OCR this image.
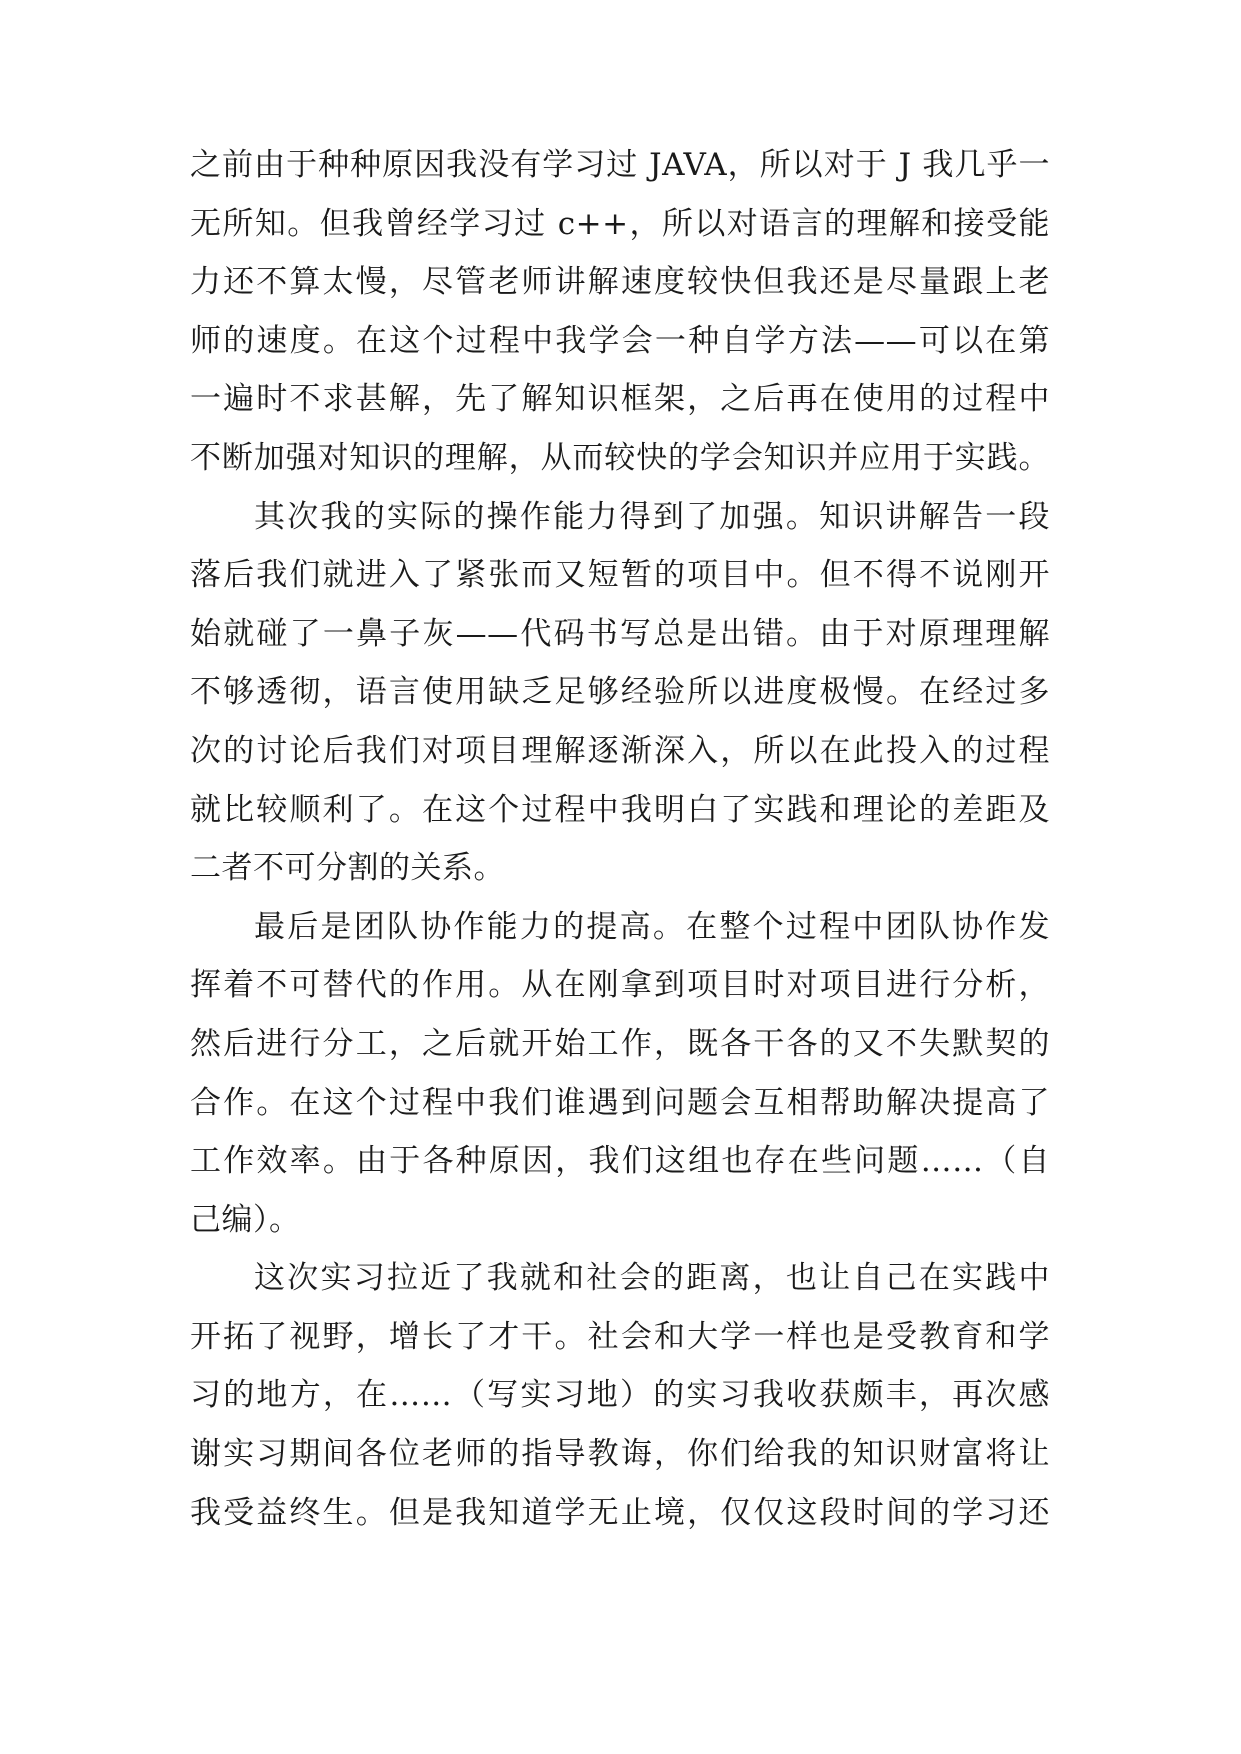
之前由于种种原因我没有学习过 JAVA，所以对于 J 我几乎一
无所知。但我曾经学习过 c++，所以对语言的理解和接受能
力还不算太慢，尽管老师讲解速度较快但我还是尽量跟上老
师的速度。在这个过程中我学会一种自学方法——可以在第
一遍时不求甚解，先了解知识框架，之后再在使用的过程中
不断加强对知识的理解，从而较快的学会知识并应用于实践。
其次我的实际的操作能力得到了加强。知识讲解告一段
落后我们就进入了紧张而又短暂的项目中。但不得不说刚开
始就碰了一鼻子灰——代码书写总是出错。由于对原理理解
不够透彻，语言使用缺乏足够经验所以进度极慢。在经过多
次的讨论后我们对项目理解逐渐深入，所以在此投入的过程
就比较顺利了。在这个过程中我明白了实践和理论的差距及
二者不可分割的关系。
最后是团队协作能力的提高。在整个过程中团队协作发
挥着不可替代的作用。从在刚拿到项目时对项目进行分析，
然后进行分工，之后就开始工作，既各干各的又不失默契的
合作。在这个过程中我们谁遇到问题会互相帮助解决提高了
工作效率。由于各种原因，我们这组也存在些问题……（自
己编）。
这次实习拉近了我就和社会的距离，也让自己在实践中
开拓了视野，增长了才干。社会和大学一样也是受教育和学
习的地方，在……（写实习地）的实习我收获颇丰，再次感
谢实习期间各位老师的指导教诲，你们给我的知识财富将让
我受益终生。但是我知道学无止境，仅仅这段时间的学习还
